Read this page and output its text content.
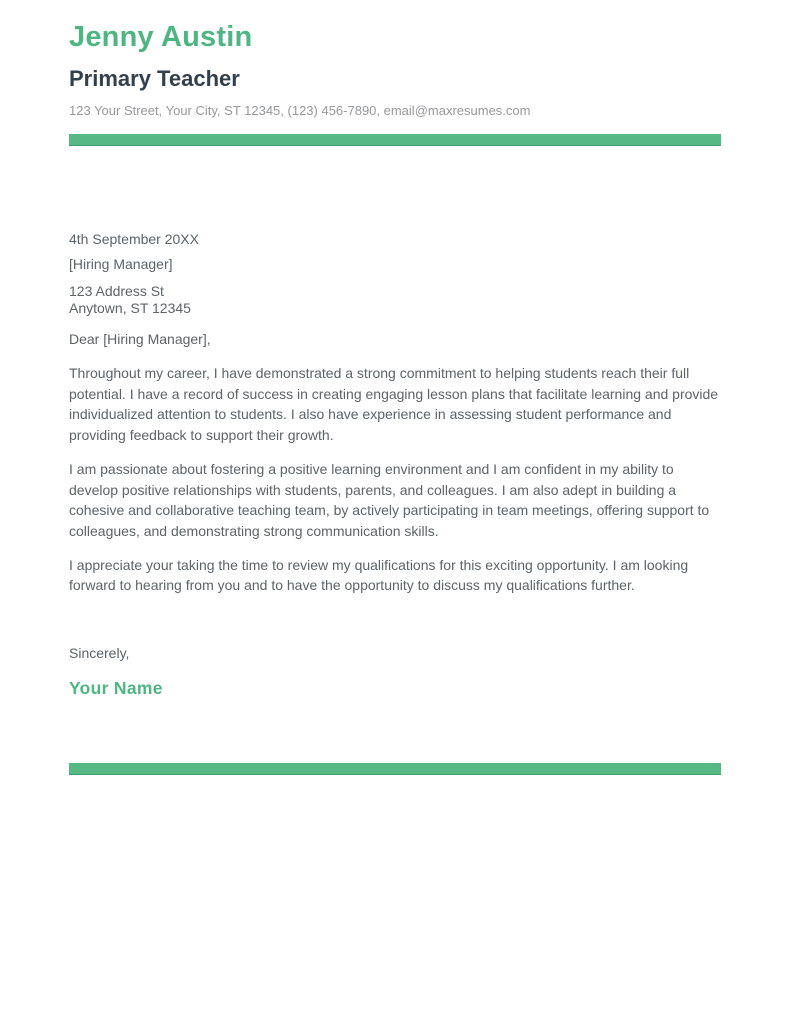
Jenny Austin
Primary Teacher

123 Your Street, Your City, ST 12345, (123) 456-7890, email@maxresumes.com

4th September 20XX

[Hiring Manager]

123 Address St
Anytown, ST 12345

Dear [Hiring Manager],

Throughout my career, I have demonstrated a strong commitment to helping students reach their full potential. I have a record of success in creating engaging lesson plans that facilitate learning and provide individualized attention to students. I also have experience in assessing student performance and providing feedback to support their growth.

I am passionate about fostering a positive learning environment and I am confident in my ability to develop positive relationships with students, parents, and colleagues. I am also adept in building a cohesive and collaborative teaching team, by actively participating in team meetings, offering support to colleagues, and demonstrating strong communication skills.

I appreciate your taking the time to review my qualifications for this exciting opportunity. I am looking forward to hearing from you and to have the opportunity to discuss my qualifications further.

Sincerely,

Your Name
